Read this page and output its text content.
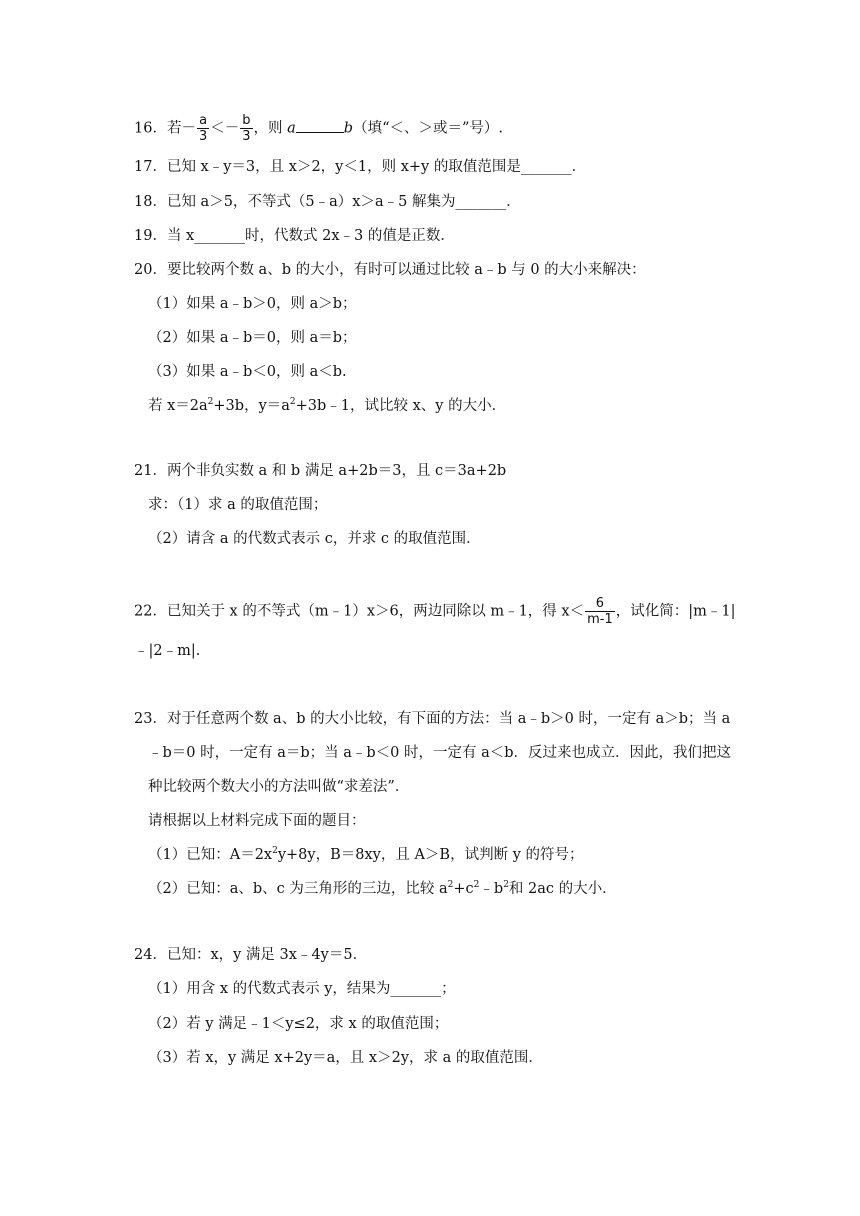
16．若－ $\frac{a}{3} <- \frac{b}{3}$ ，则 a	b（填“＜、＞或＝”号）.
17．已知 x﹣y＝3，且 x＞2，y＜1，则 x+y 的取值范围是_______．
18．已知 a＞5，不等式（5﹣a）x＞a﹣5 解集为_______．
19．当 x_______时，代数式 2x﹣3 的值是正数．
20．要比较两个数 a、b 的大小，有时可以通过比较 a﹣b 与 0 的大小来解决：
（1）如果 a﹣b＞0，则 a＞b；
（2）如果 a﹣b＝0，则 a＝b；
（3）如果 a﹣b＜0，则 a＜b.
若 $x=2a^2+3b$，$y=a^2+3b﹣1$，试比较 x、y 的大小．
21．两个非负实数 a 和 b 满足 a+2b＝3，且 c＝3a+2b
求：（1）求 a 的取值范围；
（2）请含 a 的代数式表示 c，并求 c 的取值范围．
22．已知关于 x 的不等式（m﹣1）x＞6，两边同除以 m﹣1，得 $x< \frac{6}{m-1}$ ，试化简：|m﹣1|
﹣|2﹣m|.
23．对于任意两个数 a、b 的大小比较，有下面的方法：当 a﹣b＞0 时，一定有 a＞b；当 a
﹣b＝0 时，一定有 a＝b；当 a﹣b＜0 时，一定有 a＜b．反过来也成立．因此，我们把这
种比较两个数大小的方法叫做“求差法”．
请根据以上材料完成下面的题目：
（1）已知：$A=2x^2y+8y$，B＝8xy，且 A＞B，试判断 y 的符号；
（2）已知：a、b、c 为三角形的三边，比较 $a^2+c^2﹣b^2$和 2ac 的大小．
24．已知：x，y 满足 3x﹣4y＝5．
（1）用含 x 的代数式表示 y，结果为_______；
（2）若 y 满足﹣1＜y≤2，求 x 的取值范围；
（3）若 x，y 满足 x+2y＝a，且 x＞2y，求 a 的取值范围．
